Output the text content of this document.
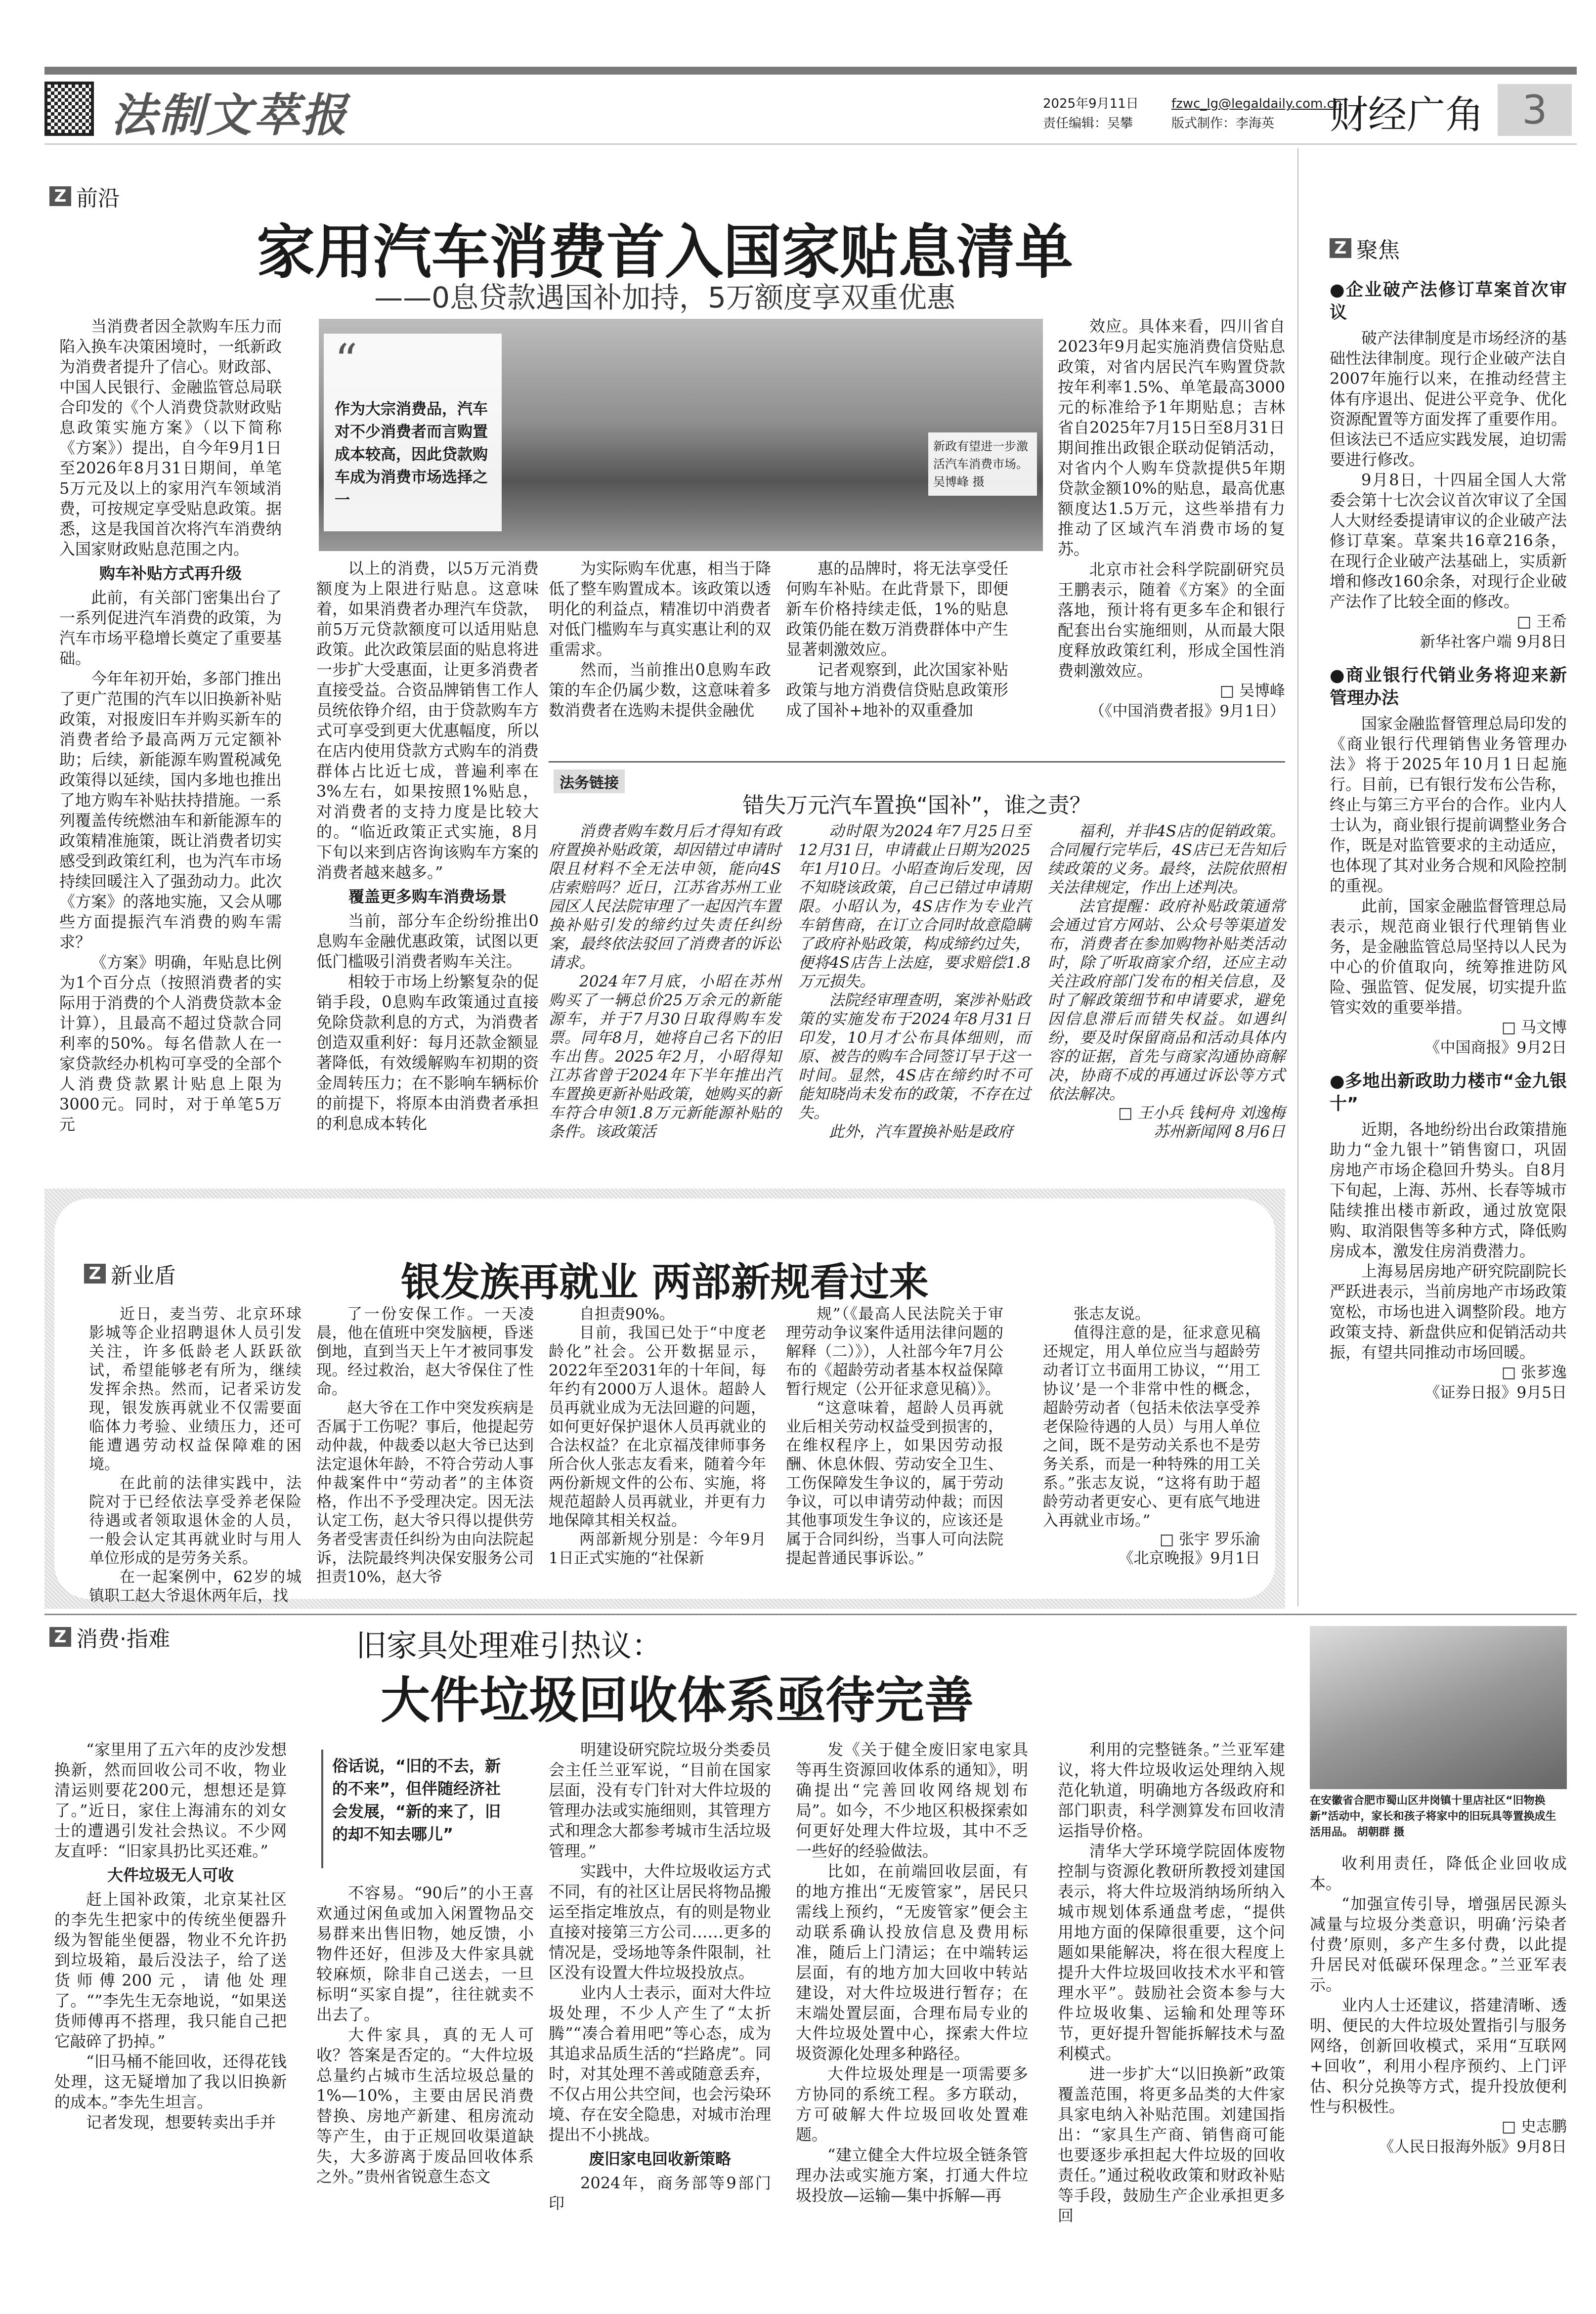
法制文萃报	2025年9月11日
责任编辑：吴攀
fzwc_lg@legaldaily.com.cn
版式制作：李海英	财经广角 3
Z 前沿
家用汽车消费首入国家贴息清单
——0息贷款遇国补加持，5万额度享双重优惠

当消费者因全款购车压力而陷入换车决策困境时，一纸新政为消费者提升了信心。财政部、中国人民银行、金融监管总局联合印发的《个人消费贷款财政贴息政策实施方案》（以下简称《方案》）提出，自今年9月1日至2026年8月31日期间，单笔5万元及以上的家用汽车领域消费，可按规定享受贴息政策。据悉，这是我国首次将汽车消费纳入国家财政贴息范围之内。

购车补贴方式再升级

此前，有关部门密集出台了一系列促进汽车消费的政策，为汽车市场平稳增长奠定了重要基础。

今年年初开始，多部门推出了更广范围的汽车以旧换新补贴政策，对报废旧车并购买新车的消费者给予最高两万元定额补助；后续，新能源车购置税减免政策得以延续，国内多地也推出了地方购车补贴扶持措施。一系列覆盖传统燃油车和新能源车的政策精准施策，既让消费者切实感受到政策红利，也为汽车市场持续回暖注入了强劲动力。此次《方案》的落地实施，又会从哪些方面提振汽车消费的购车需求？

《方案》明确，年贴息比例为1个百分点（按照消费者的实际用于消费的个人消费贷款本金计算），且最高不超过贷款合同利率的50%。每名借款人在一家贷款经办机构可享受的全部个人消费贷款累计贴息上限为3000元。同时，对于单笔5万元

“
作为大宗消费品，汽车对不少消费者而言购置成本较高，因此贷款购车成为消费市场选择之一
新政有望进一步激活汽车消费市场。 吴博峰 摄

以上的消费，以5万元消费额度为上限进行贴息。这意味着，如果消费者办理汽车贷款，前5万元贷款额度可以适用贴息政策。此次政策层面的贴息将进一步扩大受惠面，让更多消费者直接受益。合资品牌销售工作人员统依铮介绍，由于贷款购车方式可享受到更大优惠幅度，所以在店内使用贷款方式购车的消费群体占比近七成，普遍利率在3%左右，如果按照1%贴息，对消费者的支持力度是比较大的。“临近政策正式实施，8月下旬以来到店咨询该购车方案的消费者越来越多。”

覆盖更多购车消费场景

当前，部分车企纷纷推出0息购车金融优惠政策，试图以更低门槛吸引消费者购车关注。

相较于市场上纷繁复杂的促销手段，0息购车政策通过直接免除贷款利息的方式，为消费者创造双重利好：每月还款金额显著降低，有效缓解购车初期的资金周转压力；在不影响车辆标价的前提下，将原本由消费者承担的利息成本转化

为实际购车优惠，相当于降低了整车购置成本。该政策以透明化的利益点，精准切中消费者对低门槛购车与真实惠让利的双重需求。

然而，当前推出0息购车政策的车企仍属少数，这意味着多数消费者在选购未提供金融优

惠的品牌时，将无法享受任何购车补贴。在此背景下，即便新车价格持续走低，1%的贴息政策仍能在数万消费群体中产生显著刺激效应。

记者观察到，此次国家补贴政策与地方消费信贷贴息政策形成了国补+地补的双重叠加

效应。具体来看，四川省自2023年9月起实施消费信贷贴息政策，对省内居民汽车购置贷款按年利率1.5%、单笔最高3000元的标准给予1年期贴息；吉林省自2025年7月15日至8月31日期间推出政银企联动促销活动，对省内个人购车贷款提供5年期贷款金额10%的贴息，最高优惠额度达1.5万元，这些举措有力推动了区域汽车消费市场的复苏。

北京市社会科学院副研究员王鹏表示，随着《方案》的全面落地，预计将有更多车企和银行配套出台实施细则，从而最大限度释放政策红利，形成全国性消费刺激效应。

□ 吴博峰

（《中国消费者报》9月1日）

法务链接
错失万元汽车置换“国补”，谁之责？

消费者购车数月后才得知有政府置换补贴政策，却因错过申请时限且材料不全无法申领，能向4S店索赔吗？近日，江苏省苏州工业园区人民法院审理了一起因汽车置换补贴引发的缔约过失责任纠纷案，最终依法驳回了消费者的诉讼请求。

2024年7月底，小昭在苏州购买了一辆总价25万余元的新能源车，并于7月30日取得购车发票。同年8月，她将自己名下的旧车出售。2025年2月，小昭得知江苏省曾于2024年下半年推出汽车置换更新补贴政策，她购买的新车符合申领1.8万元新能源补贴的条件。该政策活

动时限为2024年7月25日至12月31日，申请截止日期为2025年1月10日。小昭查询后发现，因不知晓该政策，自己已错过申请期限。小昭认为，4S店作为专业汽车销售商，在订立合同时故意隐瞒了政府补贴政策，构成缔约过失，便将4S店告上法庭，要求赔偿1.8万元损失。

法院经审理查明，案涉补贴政策的实施发布于2024年8月31日印发，10月才公布具体细则，而原、被告的购车合同签订早于这一时间。显然，4S店在缔约时不可能知晓尚未发布的政策，不存在过失。

此外，汽车置换补贴是政府

福利，并非4S店的促销政策。合同履行完毕后，4S店已无告知后续政策的义务。最终，法院依照相关法律规定，作出上述判决。

法官提醒：政府补贴政策通常会通过官方网站、公众号等渠道发布，消费者在参加购物补贴类活动时，除了听取商家介绍，还应主动关注政府部门发布的相关信息，及时了解政策细节和申请要求，避免因信息滞后而错失权益。如遇纠纷，要及时保留商品和活动具体内容的证据，首先与商家沟通协商解决，协商不成的再通过诉讼等方式依法解决。

□ 王小兵 钱柯舟 刘逸梅

苏州新闻网 8月6日

Z 新业盾	银发族再就业 两部新规看过来

近日，麦当劳、北京环球影城等企业招聘退休人员引发关注，许多低龄老人跃跃欲试，希望能够老有所为，继续发挥余热。然而，记者采访发现，银发族再就业不仅需要面临体力考验、业绩压力，还可能遭遇劳动权益保障难的困境。

在此前的法律实践中，法院对于已经依法享受养老保险待遇或者领取退休金的人员，一般会认定其再就业时与用人单位形成的是劳务关系。

在一起案例中，62岁的城镇职工赵大爷退休两年后，找

了一份安保工作。一天凌晨，他在值班中突发脑梗，昏迷倒地，直到当天上午才被同事发现。经过救治，赵大爷保住了性命。

赵大爷在工作中突发疾病是否属于工伤呢？事后，他提起劳动仲裁，仲裁委以赵大爷已达到法定退休年龄，不符合劳动人事仲裁案件中“劳动者”的主体资格，作出不予受理决定。因无法认定工伤，赵大爷只得以提供劳务者受害责任纠纷为由向法院起诉，法院最终判决保安服务公司担责10%，赵大爷

自担责90%。

目前，我国已处于“中度老龄化”社会。公开数据显示，2022年至2031年的十年间，每年约有2000万人退休。超龄人员再就业成为无法回避的问题，如何更好保护退休人员再就业的合法权益？在北京福茂律师事务所合伙人张志友看来，随着今年两份新规文件的公布、实施，将规范超龄人员再就业，并更有力地保障其相关权益。

两部新规分别是：今年9月1日正式实施的“社保新

规”（《最高人民法院关于审理劳动争议案件适用法律问题的解释（二）》），人社部今年7月公布的《超龄劳动者基本权益保障暂行规定（公开征求意见稿）》。

“这意味着，超龄人员再就业后相关劳动权益受到损害的，在维权程序上，如果因劳动报酬、休息休假、劳动安全卫生、工伤保障发生争议的，属于劳动争议，可以申请劳动仲裁；而因其他事项发生争议的，应该还是属于合同纠纷，当事人可向法院提起普通民事诉讼。”

张志友说。

值得注意的是，征求意见稿还规定，用人单位应当与超龄劳动者订立书面用工协议，“‘用工协议’是一个非常中性的概念，超龄劳动者（包括未依法享受养老保险待遇的人员）与用人单位之间，既不是劳动关系也不是劳务关系，而是一种特殊的用工关系。”张志友说，“这将有助于超龄劳动者更安心、更有底气地进入再就业市场。”

□ 张宇 罗乐渝

《北京晚报》9月1日

Z 消费·指难	旧家具处理难引热议：
大件垃圾回收体系亟待完善

“家里用了五六年的皮沙发想换新，然而回收公司不收，物业清运则要花200元，想想还是算了。”近日，家住上海浦东的刘女士的遭遇引发社会热议。不少网友直呼：“旧家具扔比买还难。”

大件垃圾无人可收

赶上国补政策，北京某社区的李先生把家中的传统坐便器升级为智能坐便器，物业不允许扔到垃圾箱，最后没法子，给了送货师傅200元，请他处理了。“”李先生无奈地说，“如果送货师傅再不搭理，我只能自己把它敲碎了扔掉。”

“旧马桶不能回收，还得花钱处理，这无疑增加了我以旧换新的成本。”李先生坦言。

记者发现，想要转卖出手并

俗话说，“旧的不去，新的不来”，但伴随经济社会发展，“新的来了，旧的却不知去哪儿”

不容易。“90后”的小王喜欢通过闲鱼或加入闲置物品交易群来出售旧物，她反馈，小物件还好，但涉及大件家具就较麻烦，除非自己送去，一旦标明“买家自提”，往往就卖不出去了。

大件家具，真的无人可收？答案是否定的。“大件垃圾总量约占城市生活垃圾总量的1%—10%，主要由居民消费替换、房地产新建、租房流动等产生，由于正规回收渠道缺失，大多游离于废品回收体系之外。”贵州省锐意生态文

明建设研究院垃圾分类委员会主任兰亚军说，“目前在国家层面，没有专门针对大件垃圾的管理办法或实施细则，其管理方式和理念大都参考城市生活垃圾管理。”

实践中，大件垃圾收运方式不同，有的社区让居民将物品搬运至指定堆放点，有的则是物业直接对接第三方公司……更多的情况是，受场地等条件限制，社区没有设置大件垃圾投放点。

业内人士表示，面对大件垃圾处理，不少人产生了“太折腾”“凑合着用吧”等心态，成为其追求品质生活的“拦路虎”。同时，对其处理不善或随意丢弃，不仅占用公共空间，也会污染环境、存在安全隐患，对城市治理提出不小挑战。

废旧家电回收新策略

2024年，商务部等9部门印

发《关于健全废旧家电家具等再生资源回收体系的通知》，明确提出“完善回收网络规划布局”。如今，不少地区积极探索如何更好处理大件垃圾，其中不乏一些好的经验做法。

比如，在前端回收层面，有的地方推出“无废管家”，居民只需线上预约，“无废管家”便会主动联系确认投放信息及费用标准，随后上门清运；在中端转运层面，有的地方加大回收中转站建设，对大件垃圾进行暂存；在末端处置层面，合理布局专业的大件垃圾处置中心，探索大件垃圾资源化处理多种路径。

大件垃圾处理是一项需要多方协同的系统工程。多方联动，方可破解大件垃圾回收处置难题。

“建立健全大件垃圾全链条管理办法或实施方案，打通大件垃圾投放—运输—集中拆解—再

利用的完整链条。”兰亚军建议，将大件垃圾收运处理纳入规范化轨道，明确地方各级政府和部门职责，科学测算发布回收清运指导价格。

清华大学环境学院固体废物控制与资源化教研所教授刘建国表示，将大件垃圾消纳场所纳入城市规划体系通盘考虑，“提供用地方面的保障很重要，这个问题如果能解决，将在很大程度上提升大件垃圾回收技术水平和管理水平”。鼓励社会资本参与大件垃圾收集、运输和处理等环节，更好提升智能拆解技术与盈利模式。

进一步扩大“以旧换新”政策覆盖范围，将更多品类的大件家具家电纳入补贴范围。刘建国指出：“家具生产商、销售商可能也要逐步承担起大件垃圾的回收责任。”通过税收政策和财政补贴等手段，鼓励生产企业承担更多回

在安徽省合肥市蜀山区井岗镇十里店社区“旧物换新”活动中，家长和孩子将家中的旧玩具等置换成生活用品。 胡朝群 摄

收利用责任，降低企业回收成本。

“加强宣传引导，增强居民源头减量与垃圾分类意识，明确‘污染者付费’原则，多产生多付费，以此提升居民对低碳环保理念。”兰亚军表示。

业内人士还建议，搭建清晰、透明、便民的大件垃圾处置指引与服务网络，创新回收模式，采用“互联网+回收”，利用小程序预约、上门评估、积分兑换等方式，提升投放便利性与积极性。

□ 史志鹏

《人民日报海外版》9月8日

Z 聚焦
●企业破产法修订草案首次审议

破产法律制度是市场经济的基础性法律制度。现行企业破产法自2007年施行以来，在推动经营主体有序退出、促进公平竞争、优化资源配置等方面发挥了重要作用。但该法已不适应实践发展，迫切需要进行修改。

9月8日，十四届全国人大常委会第十七次会议首次审议了全国人大财经委提请审议的企业破产法修订草案。草案共16章216条，在现行企业破产法基础上，实质新增和修改160余条，对现行企业破产法作了比较全面的修改。

□ 王希

新华社客户端 9月8日

●商业银行代销业务将迎来新管理办法

国家金融监督管理总局印发的《商业银行代理销售业务管理办法》将于2025年10月1日起施行。目前，已有银行发布公告称，终止与第三方平台的合作。业内人士认为，商业银行提前调整业务合作，既是对监管要求的主动适应，也体现了其对业务合规和风险控制的重视。

此前，国家金融监督管理总局表示，规范商业银行代理销售业务，是金融监管总局坚持以人民为中心的价值取向，统筹推进防风险、强监管、促发展，切实提升监管实效的重要举措。

□ 马文博

《中国商报》9月2日

●多地出新政助力楼市“金九银十”

近期，各地纷纷出台政策措施助力“金九银十”销售窗口，巩固房地产市场企稳回升势头。自8月下旬起，上海、苏州、长春等城市陆续推出楼市新政，通过放宽限购、取消限售等多种方式，降低购房成本，激发住房消费潜力。

上海易居房地产研究院副院长严跃进表示，当前房地产市场政策宽松，市场也进入调整阶段。地方政策支持、新盘供应和促销活动共振，有望共同推动市场回暖。

□ 张芗逸

《证券日报》9月5日
